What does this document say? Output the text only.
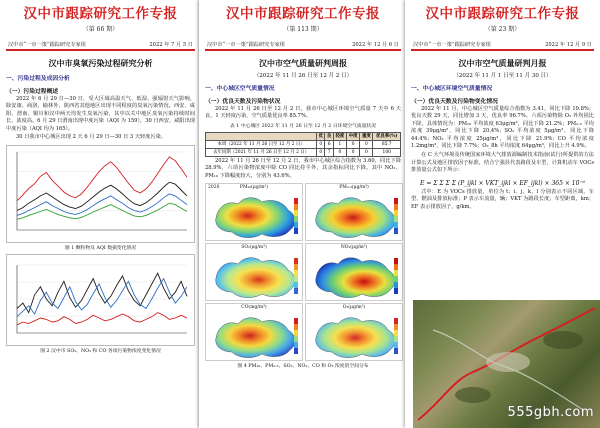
汉中市跟踪研究工作专报
（第 66 期）
汉中市“一市一策”跟踪研究专家组	2022 年 7 月 5 日
汉中市臭氧污染过程研究分析
一、污染过程及成因分析
（一）污染过程概述
2022 年 6 月 29 日—30 日，受大区域高温天气、低湿、强辐射天气影响，除安康、商洛、榆林外，陕西省其他地区出现不同程度的臭氧污染情况。西安、咸阳、渭南、铜川和汉中两天均发生臭氧污染，其中以关中地区臭氧污染持续时间长，浓度高。6 月 29 日渭南出现中度污染（AQI 为 159），30 日西安、咸阳出现中度污染（AQI 均为 165）。
30 日我市中心城区出现 2 天 6 月 29 日—30 日 3 天轻度污染。
图 1 颗粒物及 AQI 数据变化情况
图 2 汉中市 SO₂、NO₂ 和 CO 各项污染物浓度变化情况
汉中市跟踪研究工作专报
（第 113 期）
汉中市“一市一策”跟踪研究专家组	2022 年 12 月 6 日
汉中市空气质量研判周报
（2022 年 11 月 26 日至 12 月 2 日）
一、中心城区空气质量情况
（一）优良天数及污染物状况
2022 年 11 月 26 日至 12 月 2 日，我市中心城区环境空气质量 7 天中 6 天良，1 天轻度污染，空气质量优良率 85.7%。
表 1 中心城区 2022 年 11 月 26 日至 12 月 2 日环境空气质量状况
	优	良	轻度	中度	重度	优良率(%)
本周（2022 年 11 月 26 日至 12 月 2 日）	0	6	1	0	0	85.7
去年同期（2021 年 11 月 26 日至 12 月 2 日）	0	7	0	0	0	100
2022 年 11 月 26 日至 12 月 2 日，我市中心城区综合指数为 3.60，同比下降 28.9%，六项污染物浓度中除 CO 同比持平外，其余指标同比下降。其中 NO₂、PM₁₀ 下降幅度较大，分别为 43.6%。
PM₁₀(μg/m³)
2020	PM₂.₅(μg/m³)
SO₂(μg/m³)	NO₂(μg/m³)
CO(mg/m³)	O₃(μg/m³)
图 4 PM₁₀、PM₂.₅、SO₂、NO₂、CO 和 O₃ 浓度的空间分布
汉中市跟踪研究工作专报
（第 23 期）
汉中市“一市一策”跟踪研究专家组	2022 年 12 月 9 日
汉中市空气质量研判月报
（2022 年 11 月 1 日至 11 月 30 日）
一、中心城区环境空气质量情况
（一）优良天数及污染物变化情况
2022 年 11 月，中心城区空气质量综合指数为 3.41，同比下降 19.8%；优良天数 29 天，同比增加 3 天，优良率 96.7%。六项污染物除 O₃ 外均同比下降，具体情况为：PM₁₀ 平均浓度 63μg/m³，同比下降 21.2%；PM₂.₅ 平均浓度 39μg/m³，同比下降 20.4%；SO₂ 平均浓度 5μg/m³，同比下降 44.4%；NO₂ 平均浓度 25μg/m³，同比下降 21.9%；CO 平均浓度 1.2mg/m³，同比下降 7.7%；O₃_8h 平均浓度 64μg/m³，同比上升 4.9%。
在 C 大气环境及传统国家环境大气排放源编制技术指南(试行)所提供的方法计算公式及地区排放因子标准，结合宁强县代表路段及车型，计算机动车 VOCs 排放量公式如下所示：
E = Σ Σ Σ Σ (P_ijkl × VKT_ijkl × EF_ijkl) × 365 × 10⁻⁶
式中：E 为 VOCs 排放量，单位为 t；i、j、k、l 分别表示不同区域、车型、燃油及排放标准；P 表示车流量，辆；VKT 为路段长度；车型距离，km；EF 表示排放因子，g/km。
555gbh.com
